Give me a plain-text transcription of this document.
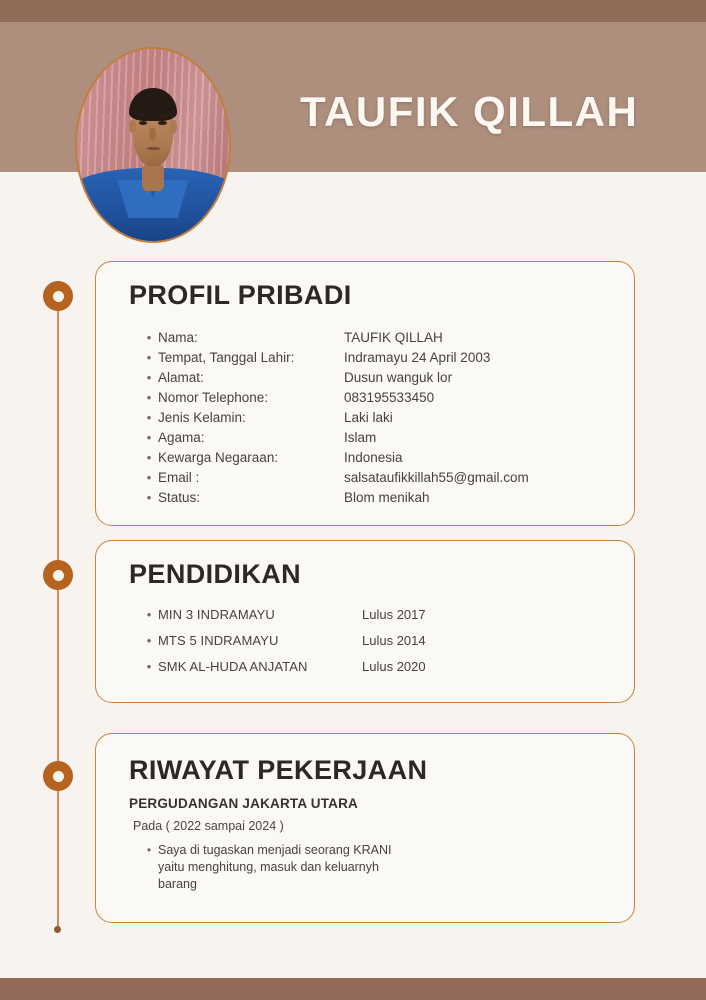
TAUFIK QILLAH
PROFIL PRIBADI
• Nama:	TAUFIK QILLAH
• Tempat, Tanggal Lahir:	Indramayu 24 April 2003
• Alamat:	Dusun wanguk lor
• Nomor Telephone:	083195533450
• Jenis Kelamin:	Laki laki
• Agama:	Islam
• Kewarga Negaraan:	Indonesia
• Email :	salsataufikkillah55@gmail.com
• Status:	Blom menikah
PENDIDIKAN
• MIN 3 INDRAMAYU	Lulus 2017
• MTS 5 INDRAMAYU	Lulus 2014
• SMK AL-HUDA ANJATAN	Lulus 2020
RIWAYAT PEKERJAAN
PERGUDANGAN JAKARTA UTARA
Pada ( 2022 sampai 2024 )
• Saya di tugaskan menjadi seorang KRANI yaitu menghitung, masuk dan keluarnyh barang
